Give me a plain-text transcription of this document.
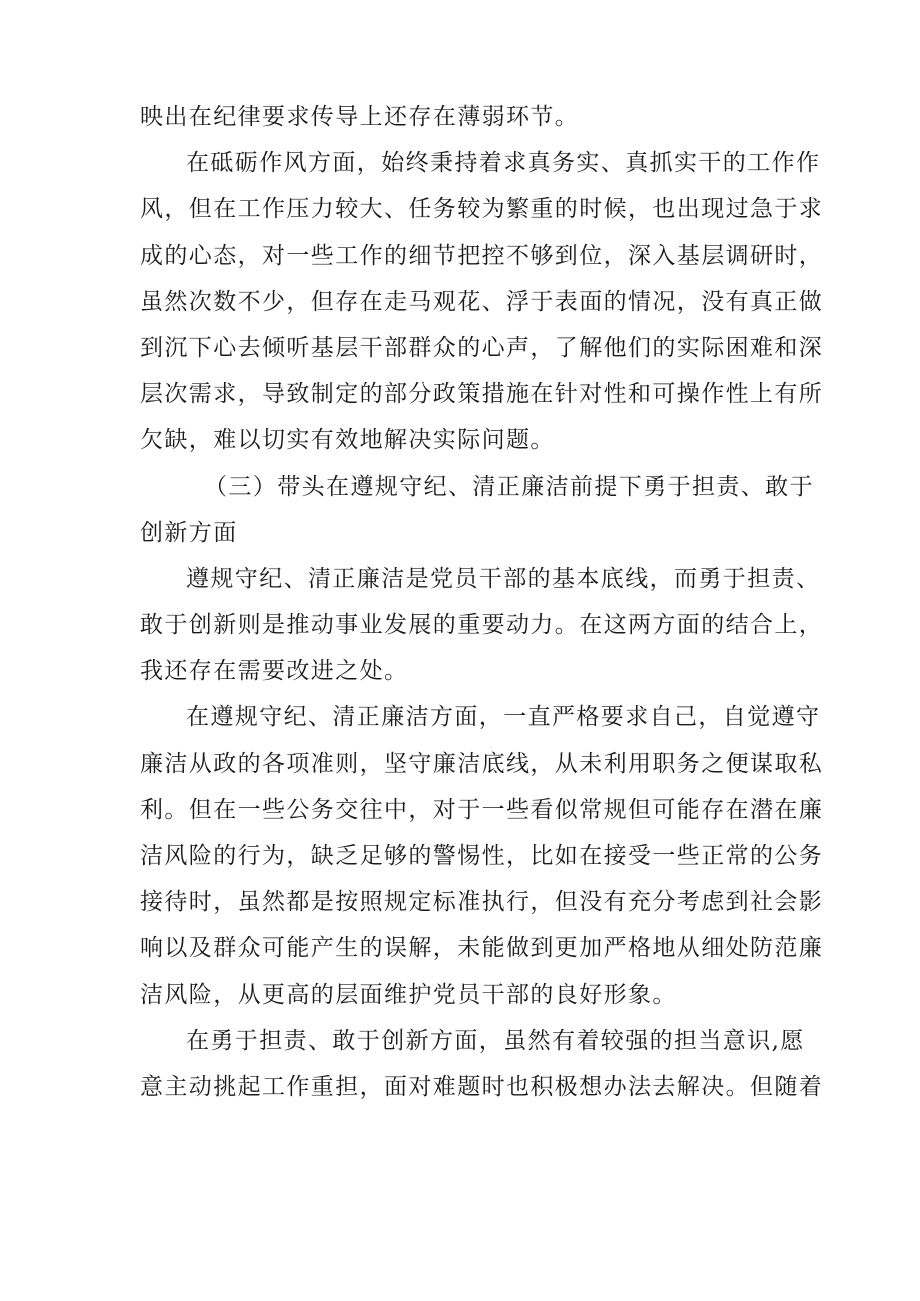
映出在纪律要求传导上还存在薄弱环节。
在砥砺作风方面，始终秉持着求真务实、真抓实干的工作作
风，但在工作压力较大、任务较为繁重的时候，也出现过急于求
成的心态，对一些工作的细节把控不够到位，深入基层调研时，
虽然次数不少，但存在走马观花、浮于表面的情况，没有真正做
到沉下心去倾听基层干部群众的心声，了解他们的实际困难和深
层次需求，导致制定的部分政策措施在针对性和可操作性上有所
欠缺，难以切实有效地解决实际问题。
（三）带头在遵规守纪、清正廉洁前提下勇于担责、敢于
创新方面
遵规守纪、清正廉洁是党员干部的基本底线，而勇于担责、
敢于创新则是推动事业发展的重要动力。在这两方面的结合上，
我还存在需要改进之处。
在遵规守纪、清正廉洁方面，一直严格要求自己，自觉遵守
廉洁从政的各项准则，坚守廉洁底线，从未利用职务之便谋取私
利。但在一些公务交往中，对于一些看似常规但可能存在潜在廉
洁风险的行为，缺乏足够的警惕性，比如在接受一些正常的公务
接待时，虽然都是按照规定标准执行，但没有充分考虑到社会影
响以及群众可能产生的误解，未能做到更加严格地从细处防范廉
洁风险，从更高的层面维护党员干部的良好形象。
在勇于担责、敢于创新方面，虽然有着较强的担当意识,愿
意主动挑起工作重担，面对难题时也积极想办法去解决。但随着
